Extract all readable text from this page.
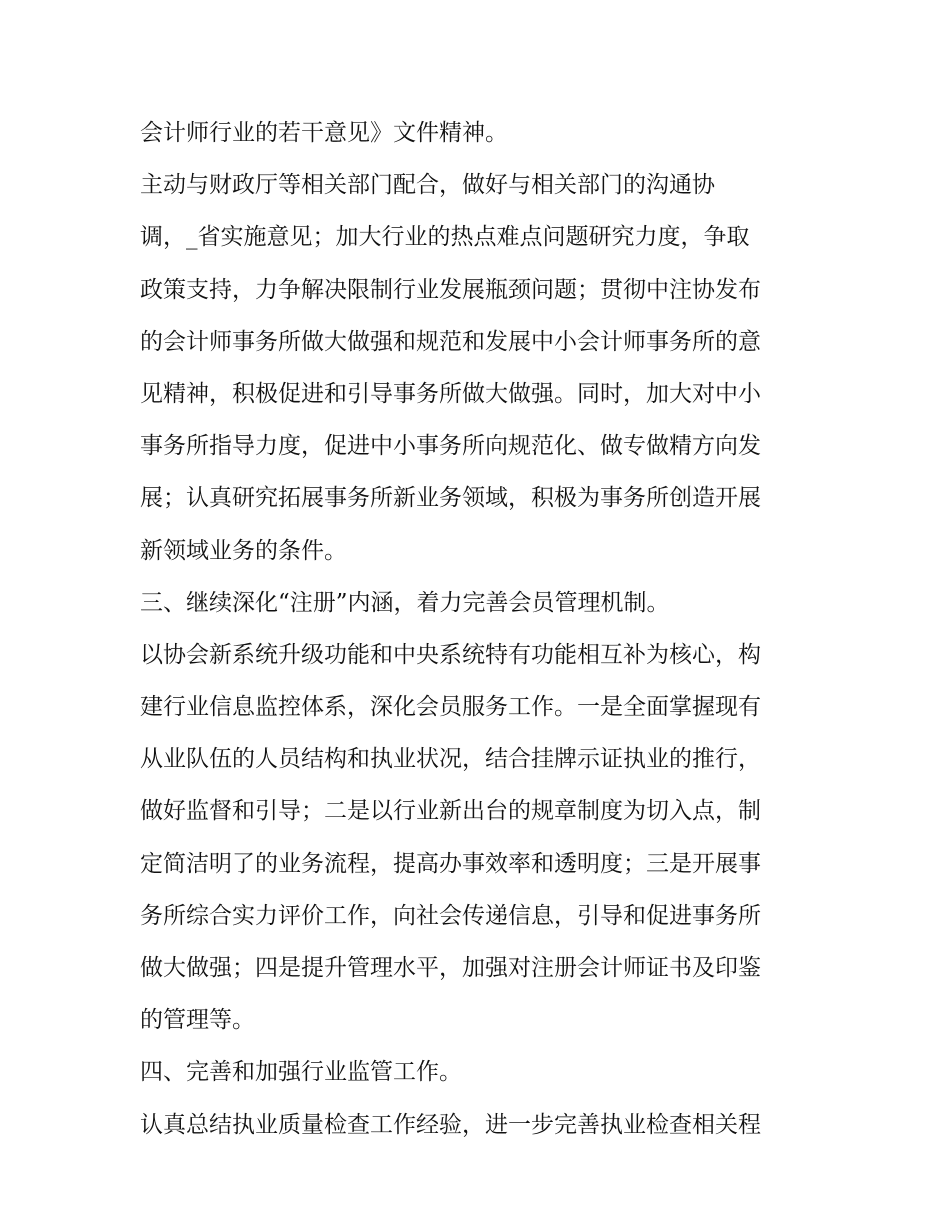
会计师行业的若干意见》文件精神。
主动与财政厅等相关部门配合，做好与相关部门的沟通协
调，_省实施意见；加大行业的热点难点问题研究力度，争取
政策支持，力争解决限制行业发展瓶颈问题；贯彻中注协发布
的会计师事务所做大做强和规范和发展中小会计师事务所的意
见精神，积极促进和引导事务所做大做强。同时，加大对中小
事务所指导力度，促进中小事务所向规范化、做专做精方向发
展；认真研究拓展事务所新业务领域，积极为事务所创造开展
新领域业务的条件。
三、继续深化“注册”内涵，着力完善会员管理机制。
以协会新系统升级功能和中央系统特有功能相互补为核心，构
建行业信息监控体系，深化会员服务工作。一是全面掌握现有
从业队伍的人员结构和执业状况，结合挂牌示证执业的推行，
做好监督和引导；二是以行业新出台的规章制度为切入点，制
定简洁明了的业务流程，提高办事效率和透明度；三是开展事
务所综合实力评价工作，向社会传递信息，引导和促进事务所
做大做强；四是提升管理水平，加强对注册会计师证书及印鉴
的管理等。
四、完善和加强行业监管工作。
认真总结执业质量检查工作经验，进一步完善执业检查相关程
